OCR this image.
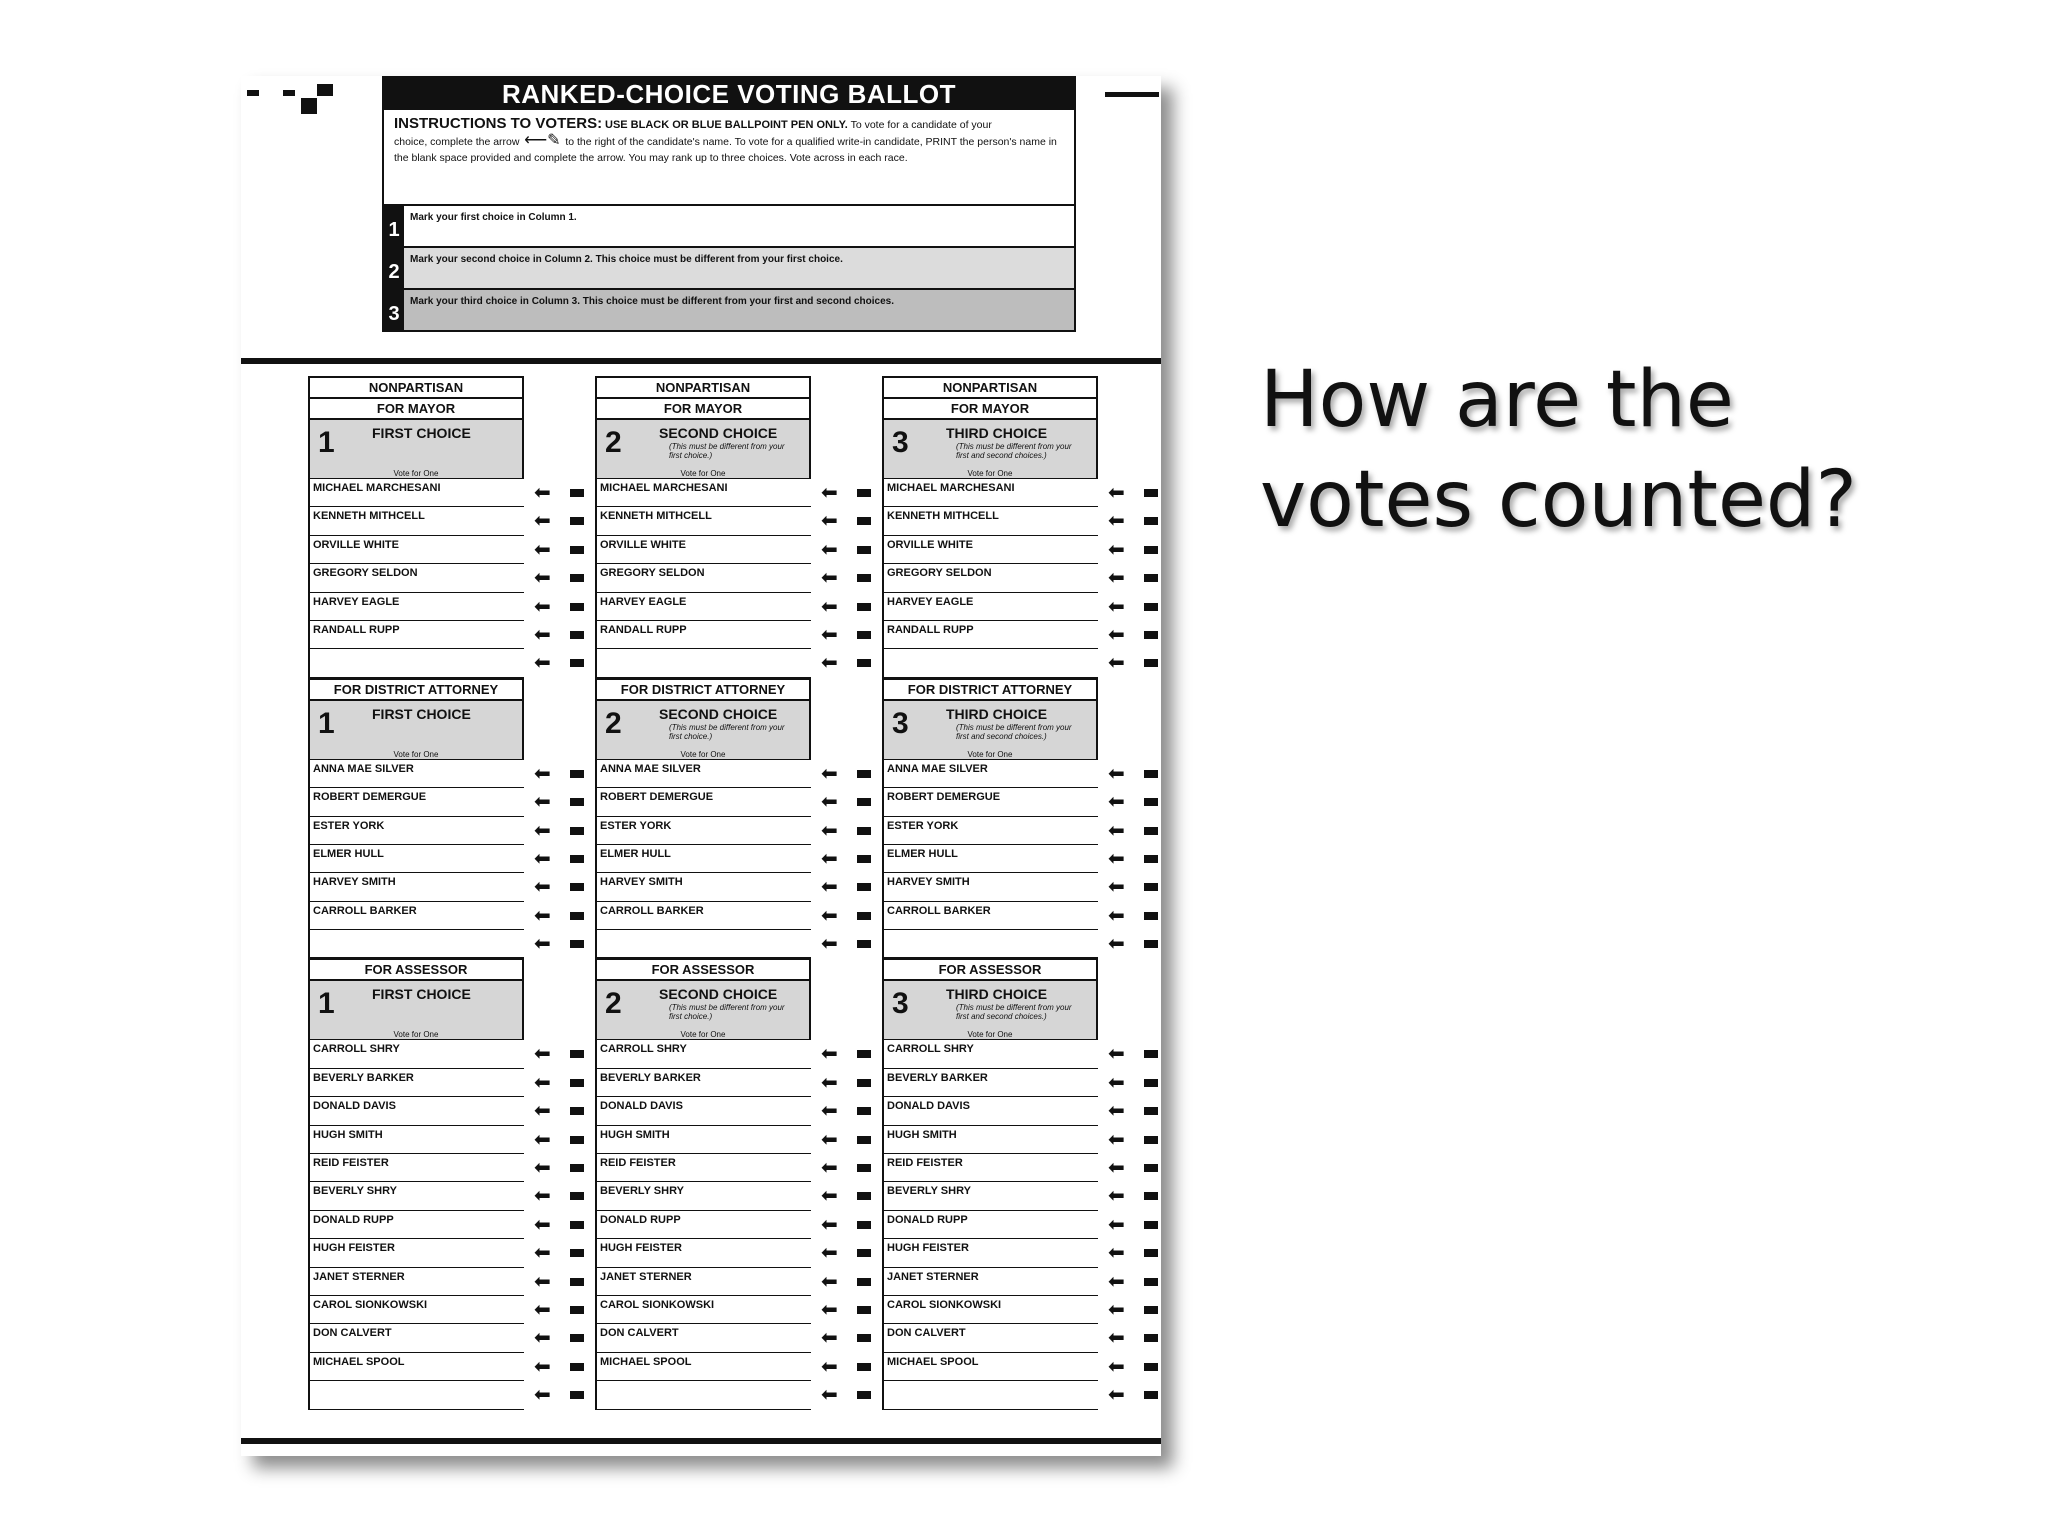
RANKED-CHOICE VOTING BALLOT
INSTRUCTIONS TO VOTERS: USE BLACK OR BLUE BALLPOINT PEN ONLY. To vote for a candidate of your
choice, complete the arrow ⟵✎ to the right of the candidate's name. To vote for a qualified write-in candidate, PRINT the person's name in the blank space provided and complete the arrow. You may rank up to three choices. Vote across in each race.
1
Mark your first choice in Column 1.
2
Mark your second choice in Column 2. This choice must be different from your first choice.
3
Mark your third choice in Column 3. This choice must be different from your first and second choices.
NONPARTISAN
FOR MAYOR
1	FIRST CHOICE
Vote for One
MICHAEL MARCHESANI	⬅
KENNETH MITHCELL	⬅
ORVILLE WHITE	⬅
GREGORY SELDON	⬅
HARVEY EAGLE	⬅
RANDALL RUPP	⬅
⬅
FOR DISTRICT ATTORNEY
1	FIRST CHOICE
Vote for One
ANNA MAE SILVER	⬅
ROBERT DEMERGUE	⬅
ESTER YORK	⬅
ELMER HULL	⬅
HARVEY SMITH	⬅
CARROLL BARKER	⬅
⬅
FOR ASSESSOR
1	FIRST CHOICE
Vote for One
CARROLL SHRY	⬅
BEVERLY BARKER	⬅
DONALD DAVIS	⬅
HUGH SMITH	⬅
REID FEISTER	⬅
BEVERLY SHRY	⬅
DONALD RUPP	⬅
HUGH FEISTER	⬅
JANET STERNER	⬅
CAROL SIONKOWSKI	⬅
DON CALVERT	⬅
MICHAEL SPOOL	⬅
⬅
NONPARTISAN
FOR MAYOR
2	SECOND CHOICE
(This must be different from your first choice.)
Vote for One
MICHAEL MARCHESANI	⬅
KENNETH MITHCELL	⬅
ORVILLE WHITE	⬅
GREGORY SELDON	⬅
HARVEY EAGLE	⬅
RANDALL RUPP	⬅
⬅
FOR DISTRICT ATTORNEY
2	SECOND CHOICE
(This must be different from your first choice.)
Vote for One
ANNA MAE SILVER	⬅
ROBERT DEMERGUE	⬅
ESTER YORK	⬅
ELMER HULL	⬅
HARVEY SMITH	⬅
CARROLL BARKER	⬅
⬅
FOR ASSESSOR
2	SECOND CHOICE
(This must be different from your first choice.)
Vote for One
CARROLL SHRY	⬅
BEVERLY BARKER	⬅
DONALD DAVIS	⬅
HUGH SMITH	⬅
REID FEISTER	⬅
BEVERLY SHRY	⬅
DONALD RUPP	⬅
HUGH FEISTER	⬅
JANET STERNER	⬅
CAROL SIONKOWSKI	⬅
DON CALVERT	⬅
MICHAEL SPOOL	⬅
⬅
NONPARTISAN
FOR MAYOR
3	THIRD CHOICE
(This must be different from your first and second choices.)
Vote for One
MICHAEL MARCHESANI	⬅
KENNETH MITHCELL	⬅
ORVILLE WHITE	⬅
GREGORY SELDON	⬅
HARVEY EAGLE	⬅
RANDALL RUPP	⬅
⬅
FOR DISTRICT ATTORNEY
3	THIRD CHOICE
(This must be different from your first and second choices.)
Vote for One
ANNA MAE SILVER	⬅
ROBERT DEMERGUE	⬅
ESTER YORK	⬅
ELMER HULL	⬅
HARVEY SMITH	⬅
CARROLL BARKER	⬅
⬅
FOR ASSESSOR
3	THIRD CHOICE
(This must be different from your first and second choices.)
Vote for One
CARROLL SHRY	⬅
BEVERLY BARKER	⬅
DONALD DAVIS	⬅
HUGH SMITH	⬅
REID FEISTER	⬅
BEVERLY SHRY	⬅
DONALD RUPP	⬅
HUGH FEISTER	⬅
JANET STERNER	⬅
CAROL SIONKOWSKI	⬅
DON CALVERT	⬅
MICHAEL SPOOL	⬅
⬅
How are the
votes counted?
